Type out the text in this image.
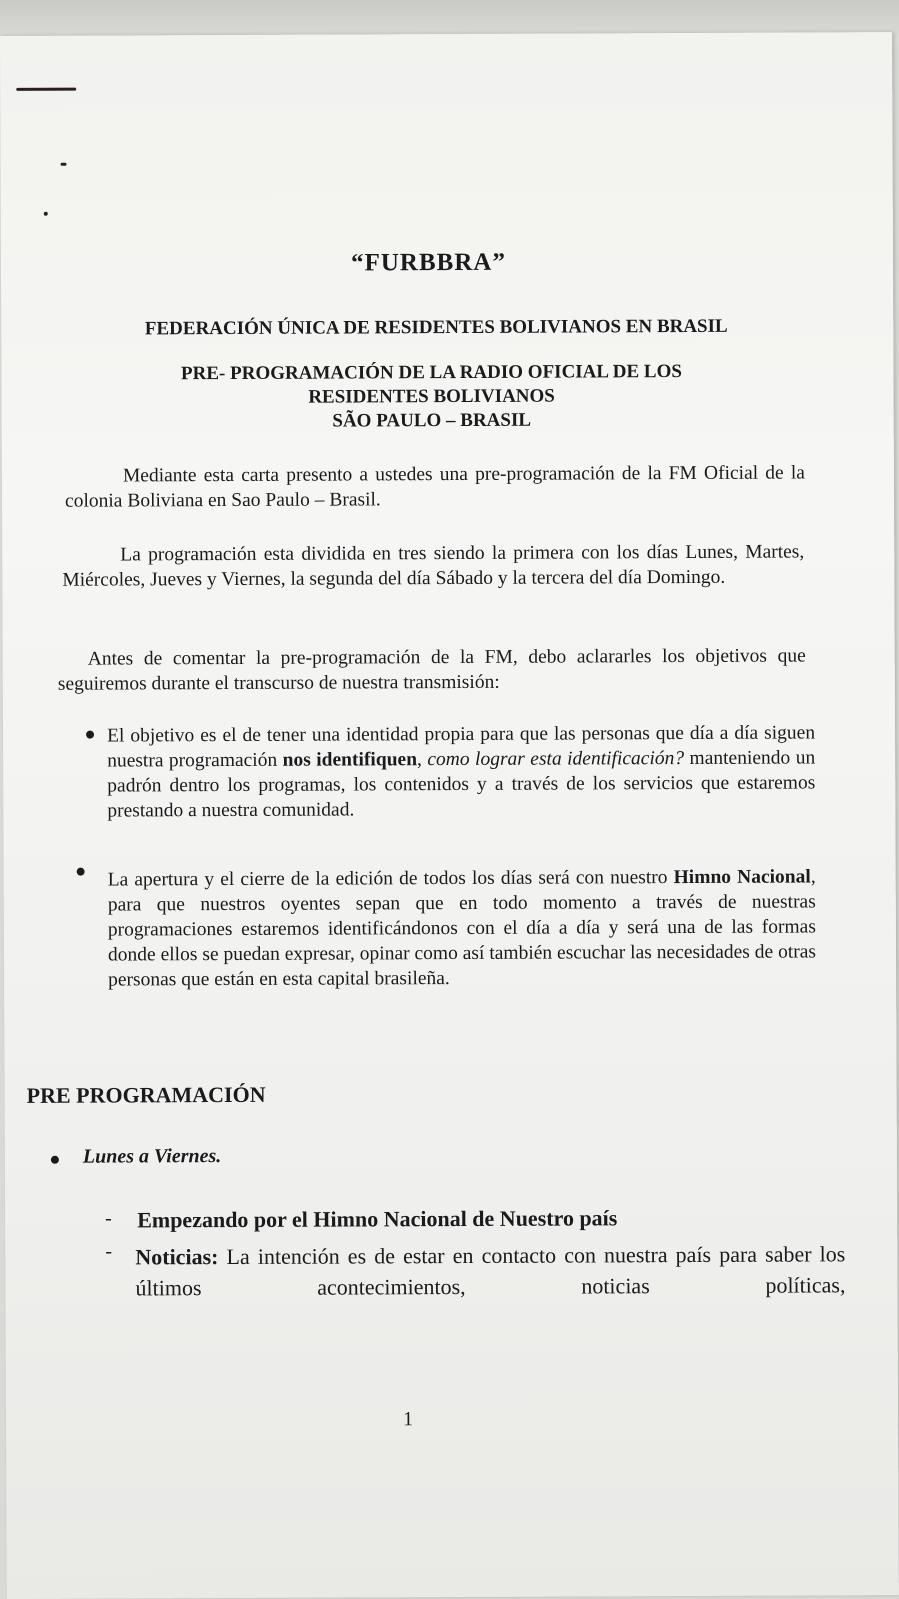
“FURBBRA”
FEDERACIÓN ÚNICA DE RESIDENTES BOLIVIANOS EN BRASIL
PRE- PROGRAMACIÓN DE LA RADIO OFICIAL DE LOS
RESIDENTES BOLIVIANOS
SÃO PAULO – BRASIL

Mediante esta carta presento a ustedes una pre-programación de la FM Oficial de la colonia Boliviana en Sao Paulo – Brasil.

La programación esta dividida en tres siendo la primera con los días Lunes, Martes, Miércoles, Jueves y Viernes, la segunda del día Sábado y la tercera del día Domingo.

Antes de comentar la pre-programación de la FM, debo aclararles los objetivos que seguiremos durante el transcurso de nuestra transmisión:

El objetivo es el de tener una identidad propia para que las personas que día a día siguen nuestra programación nos identifiquen, como lograr esta identificación? manteniendo un padrón dentro los programas, los contenidos y a través de los servicios que estaremos prestando a nuestra comunidad.

La apertura y el cierre de la edición de todos los días será con nuestro Himno Nacional, para que nuestros oyentes sepan que en todo momento a través de nuestras programaciones estaremos identificándonos con el día a día y será una de las formas donde ellos se puedan expresar, opinar como así también escuchar las necesidades de otras personas que están en esta capital brasileña.

PRE PROGRAMACIÓN
Lunes a Viernes.
- Empezando por el Himno Nacional de Nuestro país
- Noticias: La intención es de estar en contacto con nuestra país para saber los últimos acontecimientos, noticias políticas,

1
